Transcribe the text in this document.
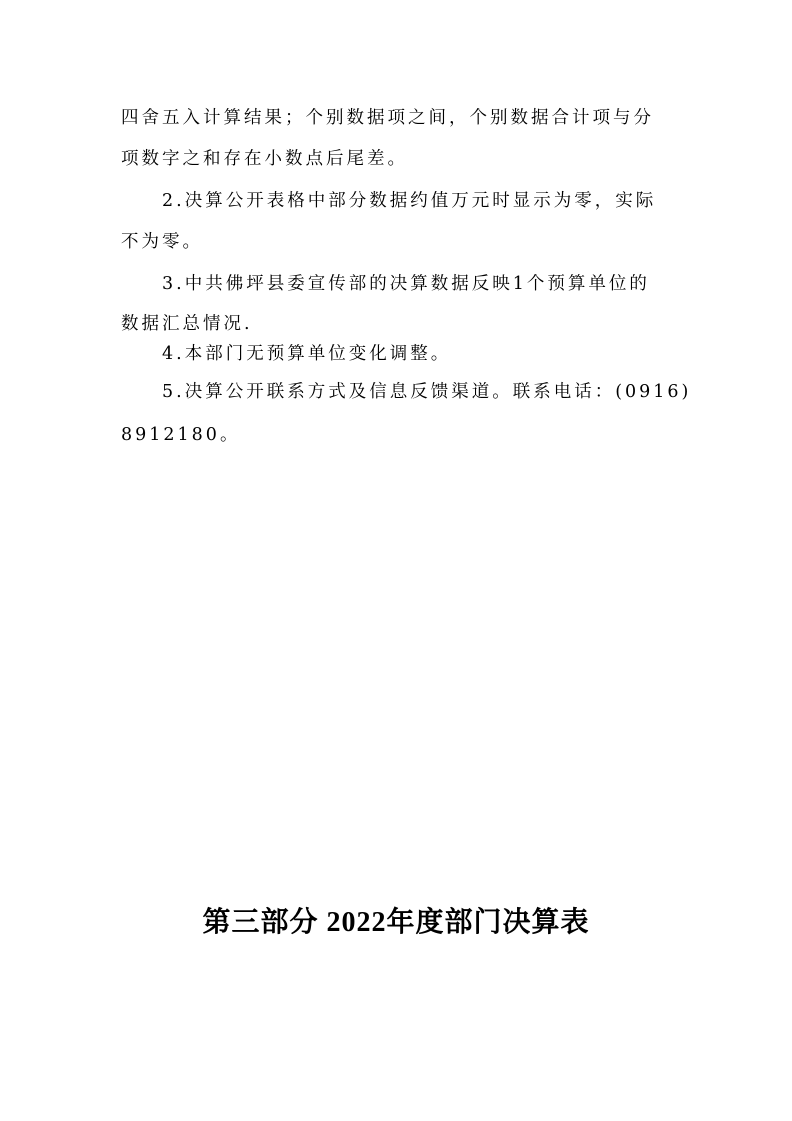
四舍五入计算结果；个别数据项之间，个别数据合计项与分
项数字之和存在小数点后尾差。
2.决算公开表格中部分数据约值万元时显示为零，实际
不为零。
3.中共佛坪县委宣传部的决算数据反映1个预算单位的
数据汇总情况.
4.本部门无预算单位变化调整。
5.决算公开联系方式及信息反馈渠道。联系电话：(0916)
8912180。
第三部分 2022年度部门决算表
